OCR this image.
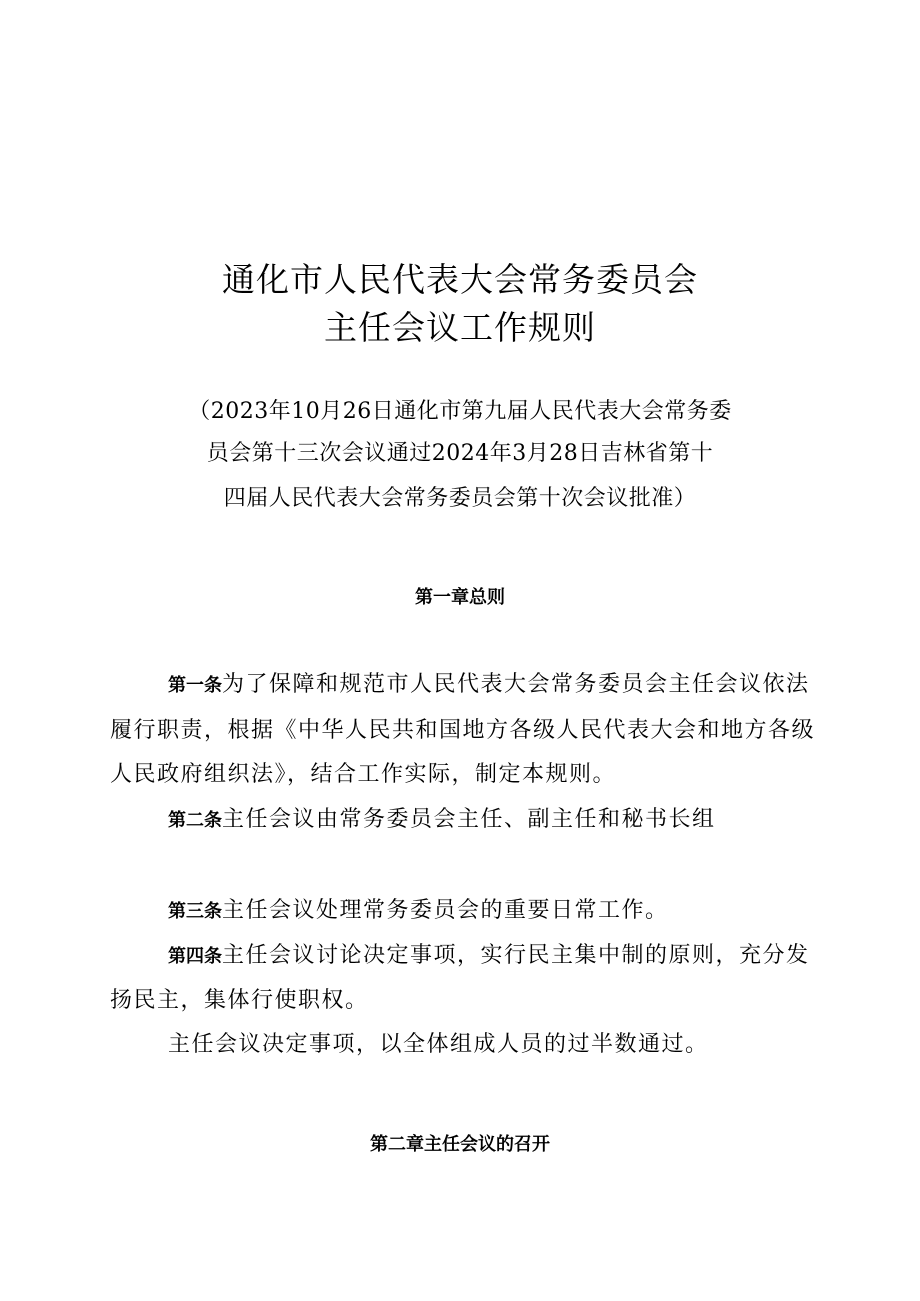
通化市人民代表大会常务委员会
主任会议工作规则
（2023年10月26日通化市第九届人民代表大会常务委
员会第十三次会议通过2024年3月28日吉林省第十
四届人民代表大会常务委员会第十次会议批准）
第一章总则
第一条为了保障和规范市人民代表大会常务委员会主任会议依法
履行职责，根据《中华人民共和国地方各级人民代表大会和地方各级
人民政府组织法》，结合工作实际，制定本规则。
第二条主任会议由常务委员会主任、副主任和秘书长组
第三条主任会议处理常务委员会的重要日常工作。
第四条主任会议讨论决定事项，实行民主集中制的原则，充分发
扬民主，集体行使职权。
主任会议决定事项，以全体组成人员的过半数通过。
第二章主任会议的召开
